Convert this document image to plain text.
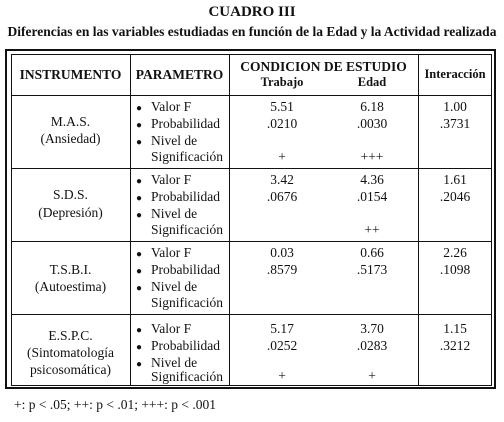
CUADRO III
Diferencias en las variables estudiadas en función de la Edad y la Actividad realizada
INSTRUMENTO	PARAMETRO
CONDICION DE ESTUDIO
Trabajo	Edad
Interacción
M.A.S.
(Ansiedad)
● Valor F
● Probabilidad
● Nivel de
Significación
5.51
.0210
+
6.18
.0030
+++
1.00
.3731
S.D.S.
(Depresión)
● Valor F
● Probabilidad
● Nivel de
Significación
3.42
.0676
4.36
.0154
++
1.61
.2046
T.S.B.I.
(Autoestima)
● Valor F
● Probabilidad
● Nivel de
Significación
0.03
.8579
0.66
.5173
2.26
.1098
E.S.P.C.
(Sintomatología
psicosomática)
● Valor F
● Probabilidad
● Nivel de
Significación
5.17
.0252
+
3.70
.0283
+
1.15
.3212
+: p < .05; ++: p < .01; +++: p < .001
